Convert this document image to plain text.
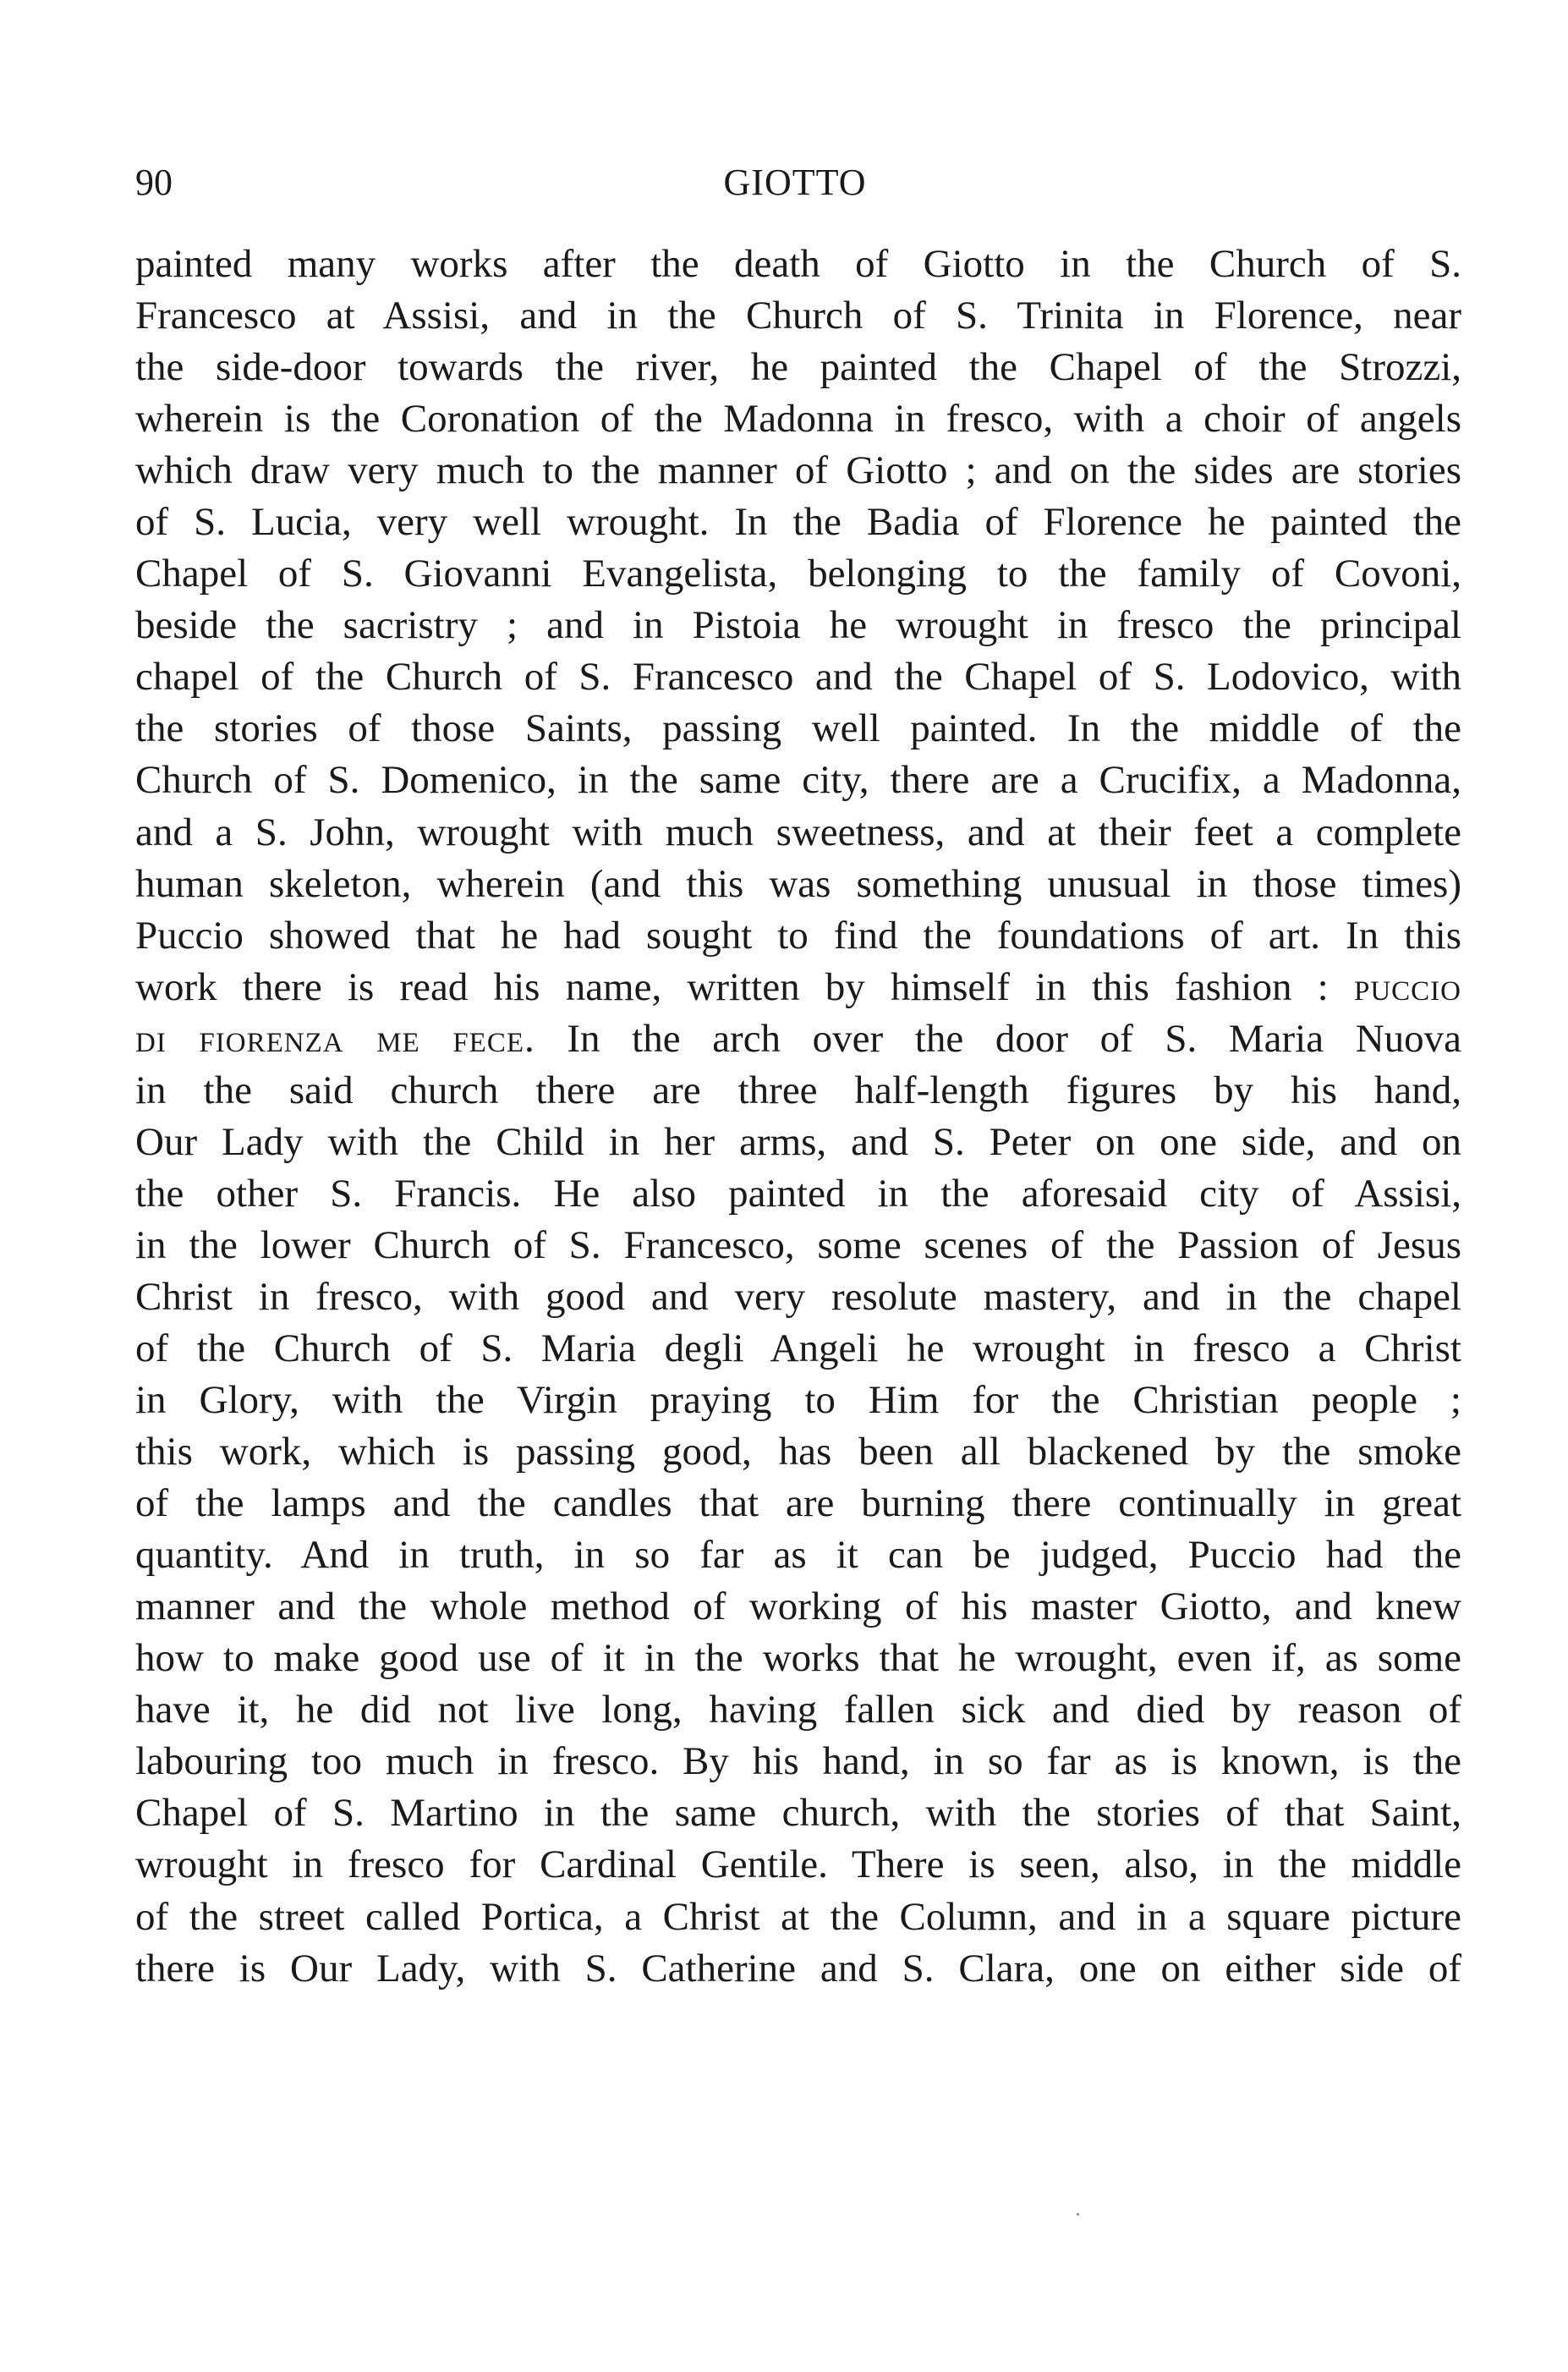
90	GIOTTO
painted many works after the death of Giotto in the Church of S.
Francesco at Assisi, and in the Church of S. Trinita in Florence, near
the side-door towards the river, he painted the Chapel of the Strozzi,
wherein is the Coronation of the Madonna in fresco, with a choir of angels
which draw very much to the manner of Giotto ; and on the sides are stories
of S. Lucia, very well wrought. In the Badia of Florence he painted the
Chapel of S. Giovanni Evangelista, belonging to the family of Covoni,
beside the sacristry ; and in Pistoia he wrought in fresco the principal
chapel of the Church of S. Francesco and the Chapel of S. Lodovico, with
the stories of those Saints, passing well painted. In the middle of the
Church of S. Domenico, in the same city, there are a Crucifix, a Madonna,
and a S. John, wrought with much sweetness, and at their feet a complete
human skeleton, wherein (and this was something unusual in those times)
Puccio showed that he had sought to find the foundations of art. In this
work there is read his name, written by himself in this fashion : puccio
di fiorenza me fece. In the arch over the door of S. Maria Nuova
in the said church there are three half-length figures by his hand,
Our Lady with the Child in her arms, and S. Peter on one side, and on
the other S. Francis. He also painted in the aforesaid city of Assisi,
in the lower Church of S. Francesco, some scenes of the Passion of Jesus
Christ in fresco, with good and very resolute mastery, and in the chapel
of the Church of S. Maria degli Angeli he wrought in fresco a Christ
in Glory, with the Virgin praying to Him for the Christian people ;
this work, which is passing good, has been all blackened by the smoke
of the lamps and the candles that are burning there continually in great
quantity. And in truth, in so far as it can be judged, Puccio had the
manner and the whole method of working of his master Giotto, and knew
how to make good use of it in the works that he wrought, even if, as some
have it, he did not live long, having fallen sick and died by reason of
labouring too much in fresco. By his hand, in so far as is known, is the
Chapel of S. Martino in the same church, with the stories of that Saint,
wrought in fresco for Cardinal Gentile. There is seen, also, in the middle
of the street called Portica, a Christ at the Column, and in a square picture
there is Our Lady, with S. Catherine and S. Clara, one on either side of
